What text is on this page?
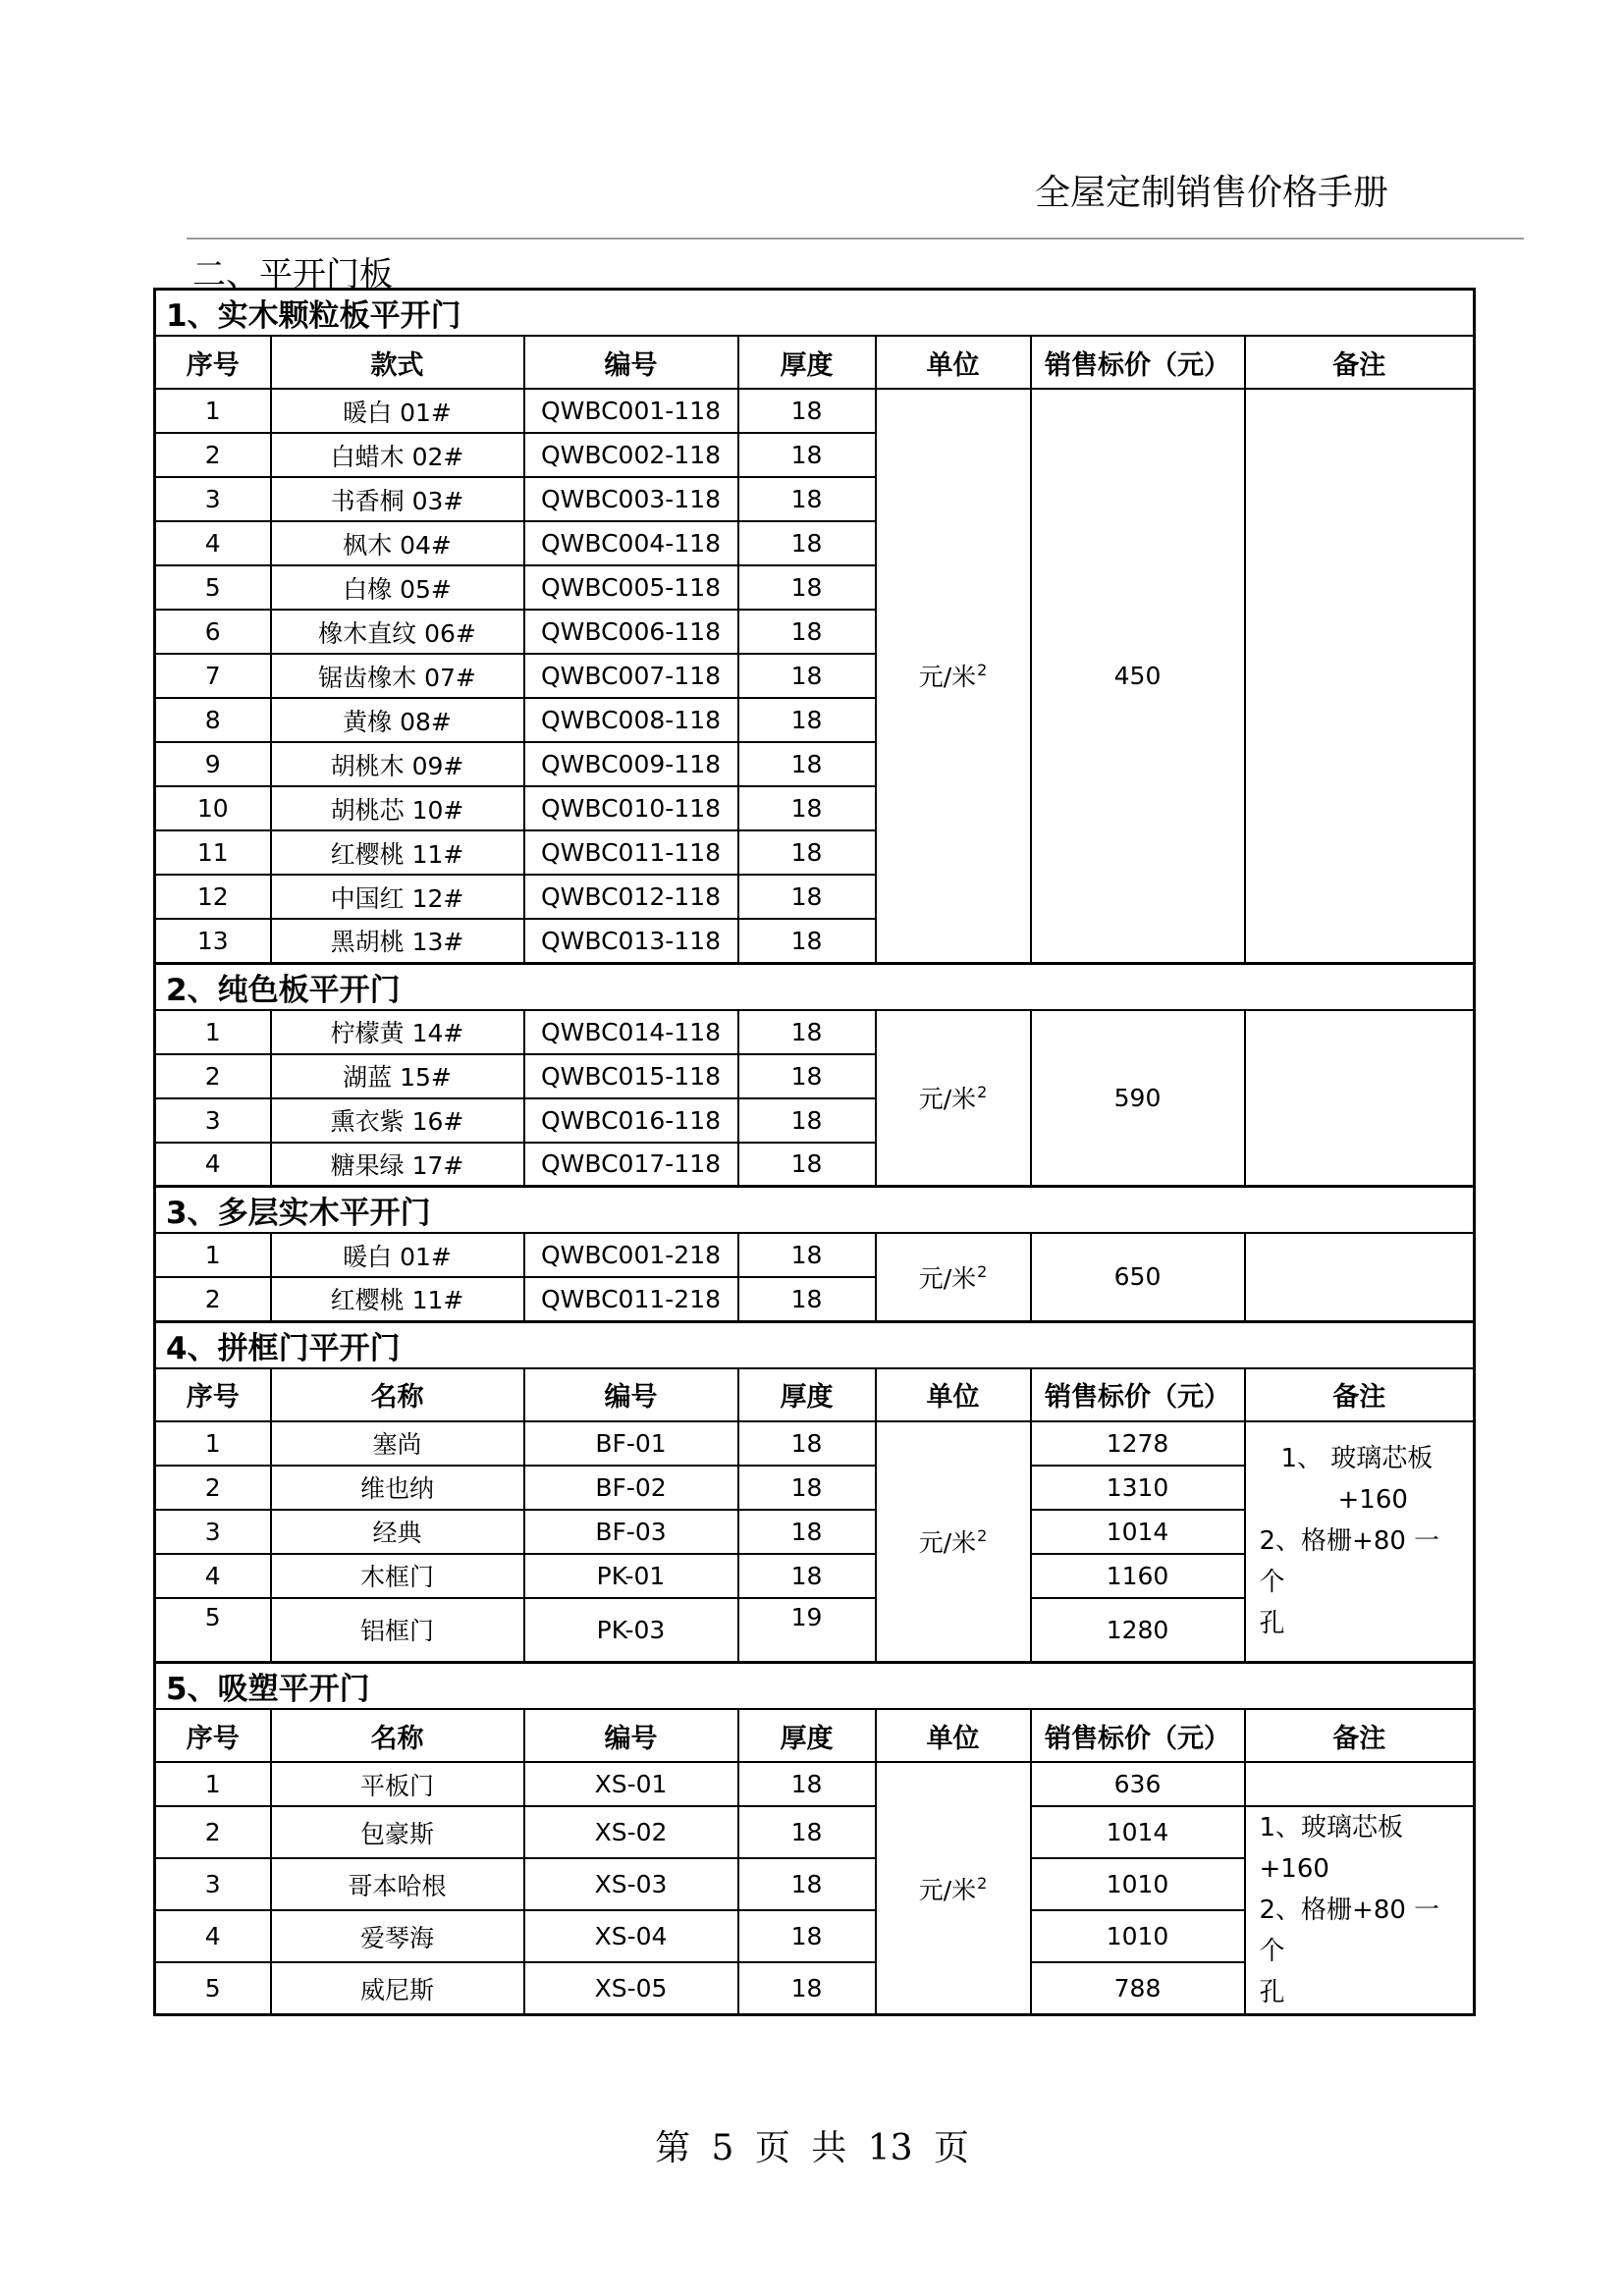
全屋定制销售价格手册
二、平开门板
1、实木颗粒板平开门						
序号	款式	编号	厚度	单位	销售标价（元）	备注
1	暖白 01#	QWBC001-118	18	元/米$^2$	450	
2	白蜡木 02#	QWBC002-118	18			
3	书香桐 03#	QWBC003-118	18			
4	枫木 04#	QWBC004-118	18			
5	白橡 05#	QWBC005-118	18			
6	橡木直纹 06#	QWBC006-118	18			
7	锯齿橡木 07#	QWBC007-118	18			
8	黄橡 08#	QWBC008-118	18			
9	胡桃木 09#	QWBC009-118	18			
10	胡桃芯 10#	QWBC010-118	18			
11	红樱桃 11#	QWBC011-118	18			
12	中国红 12#	QWBC012-118	18			
13	黑胡桃 13#	QWBC013-118	18			
2、纯色板平开门						
1	柠檬黄 14#	QWBC014-118	18	元/米$^2$	590	
2	湖蓝 15#	QWBC015-118	18			
3	熏衣紫 16#	QWBC016-118	18			
4	糖果绿 17#	QWBC017-118	18			
3、多层实木平开门						
1	暖白 01#	QWBC001-218	18	元/米$^2$	650	
2	红樱桃 11#	QWBC011-218	18			
4、拼框门平开门						
序号	名称	编号	厚度	单位	销售标价（元）	备注
1	塞尚	BF-01	18	元/米$^2$	1278	1、 玻璃芯板
+160
2、格栅+80 一个
孔

2	维也纳	BF-02	18		1310	
3	经典	BF-03	18		1014	
4	木框门	PK-01	18		1160	
5	铝框门	PK-03	19		1280	
5、吸塑平开门						
序号	名称	编号	厚度	单位	销售标价（元）	备注
1	平板门	XS-01	18	元/米$^2$	636	
2	包豪斯	XS-02	18		1014	1、玻璃芯板+160
2、格栅+80 一个
孔

3	哥本哈根	XS-03	18		1010	
4	爱琴海	XS-04	18		1010	
5	威尼斯	XS-05	18		788	
第 5 页 共 13 页
